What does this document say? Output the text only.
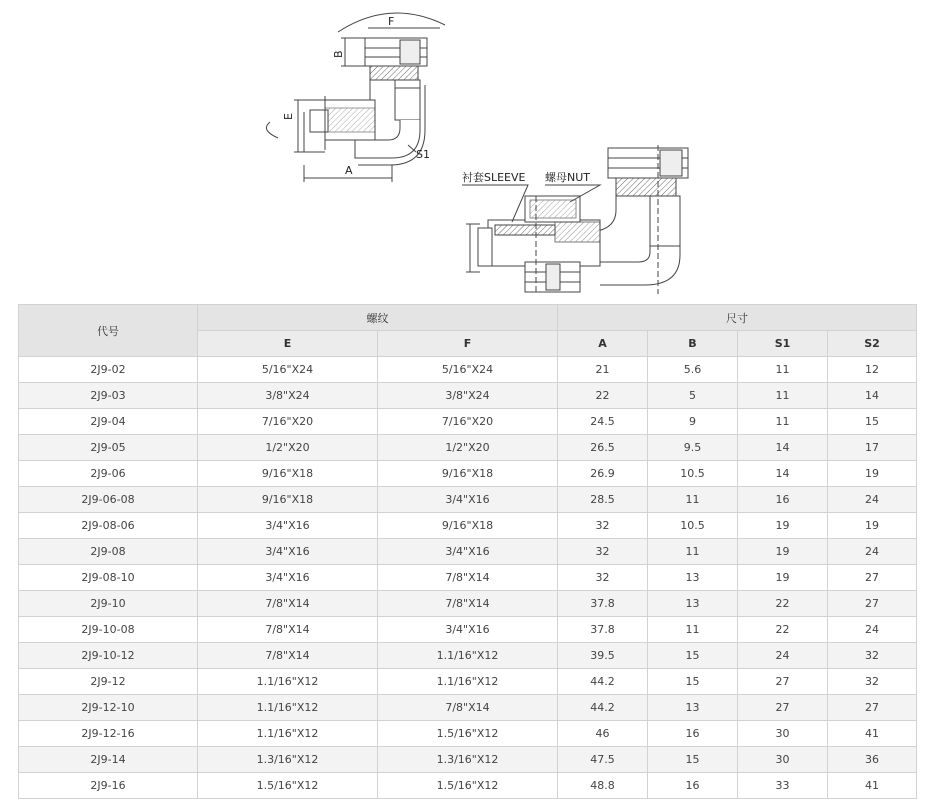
F
B
E
A
S1
衬套SLEEVE 螺母NUT
代号	螺纹		尺寸			
	E	F	A	B	S1	S2
2J9-02	5/16"X24	5/16"X24	21	5.6	11	12
2J9-03	3/8"X24	3/8"X24	22	5	11	14
2J9-04	7/16"X20	7/16"X20	24.5	9	11	15
2J9-05	1/2"X20	1/2"X20	26.5	9.5	14	17
2J9-06	9/16"X18	9/16"X18	26.9	10.5	14	19
2J9-06-08	9/16"X18	3/4"X16	28.5	11	16	24
2J9-08-06	3/4"X16	9/16"X18	32	10.5	19	19
2J9-08	3/4"X16	3/4"X16	32	11	19	24
2J9-08-10	3/4"X16	7/8"X14	32	13	19	27
2J9-10	7/8"X14	7/8"X14	37.8	13	22	27
2J9-10-08	7/8"X14	3/4"X16	37.8	11	22	24
2J9-10-12	7/8"X14	1.1/16"X12	39.5	15	24	32
2J9-12	1.1/16"X12	1.1/16"X12	44.2	15	27	32
2J9-12-10	1.1/16"X12	7/8"X14	44.2	13	27	27
2J9-12-16	1.1/16"X12	1.5/16"X12	46	16	30	41
2J9-14	1.3/16"X12	1.3/16"X12	47.5	15	30	36
2J9-16	1.5/16"X12	1.5/16"X12	48.8	16	33	41
